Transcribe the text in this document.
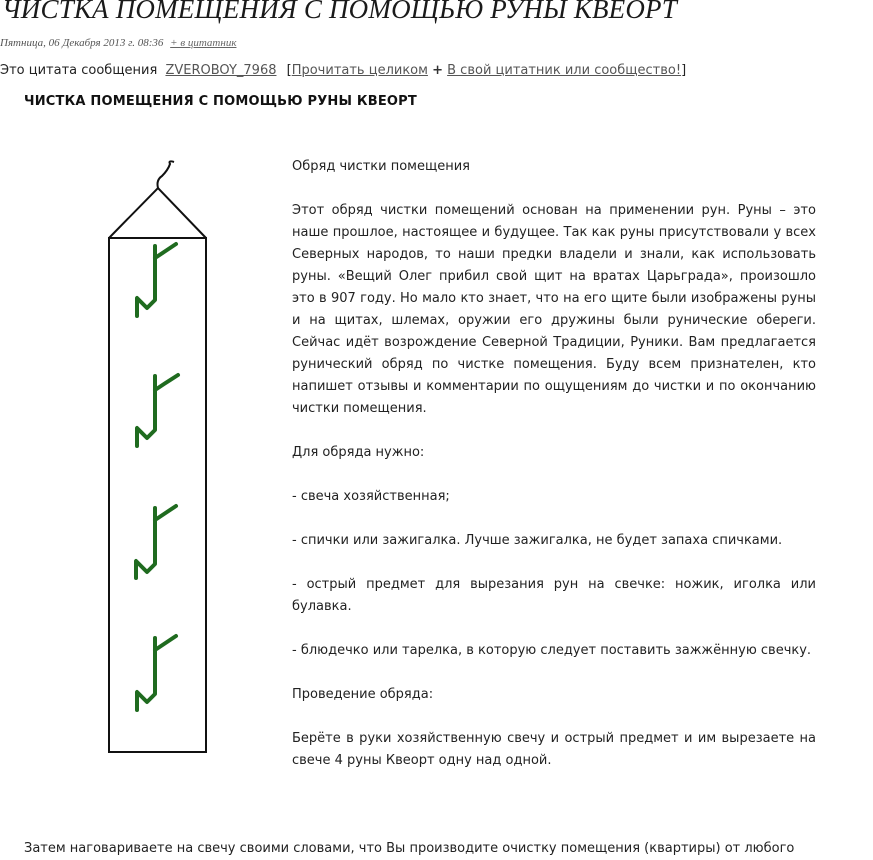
ЧИСТКА ПОМЕЩЕНИЯ С ПОМОЩЬЮ РУНЫ КВЕОРТ
Пятница, 06 Декабря 2013 г. 08:36 + в цитатник
Это цитата сообщения ZVEROBOY_7968 [Прочитать целиком + В свой цитатник или сообщество!]
ЧИСТКА ПОМЕЩЕНИЯ С ПОМОЩЬЮ РУНЫ КВЕОРТ

Обряд чистки помещения

Этот обряд чистки помещений основан на применении рун. Руны – это наше прошлое, настоящее и будущее. Так как руны присутствовали у всех Северных народов, то наши предки владели и знали, как использовать руны. «Вещий Олег прибил свой щит на вратах Царьграда», произошло это в 907 году. Но мало кто знает, что на его щите были изображены руны и на щитах, шлемах, оружии его дружины были рунические обереги. Сейчас идёт возрождение Северной Традиции, Руники. Вам предлагается рунический обряд по чистке помещения. Буду всем признателен, кто напишет отзывы и комментарии по ощущениям до чистки и по окончанию чистки помещения.

Для обряда нужно:

- свеча хозяйственная;

- спички или зажигалка. Лучше зажигалка, не будет запаха спичками.

- острый предмет для вырезания рун на свечке: ножик, иголка или булавка.

- блюдечко или тарелка, в которую следует поставить зажжённую свечку.

Проведение обряда:

Берёте в руки хозяйственную свечу и острый предмет и им вырезаете на свече 4 руны Квеорт одну над одной.

Затем наговариваете на свечу своими словами, что Вы производите очистку помещения (квартиры) от любого
